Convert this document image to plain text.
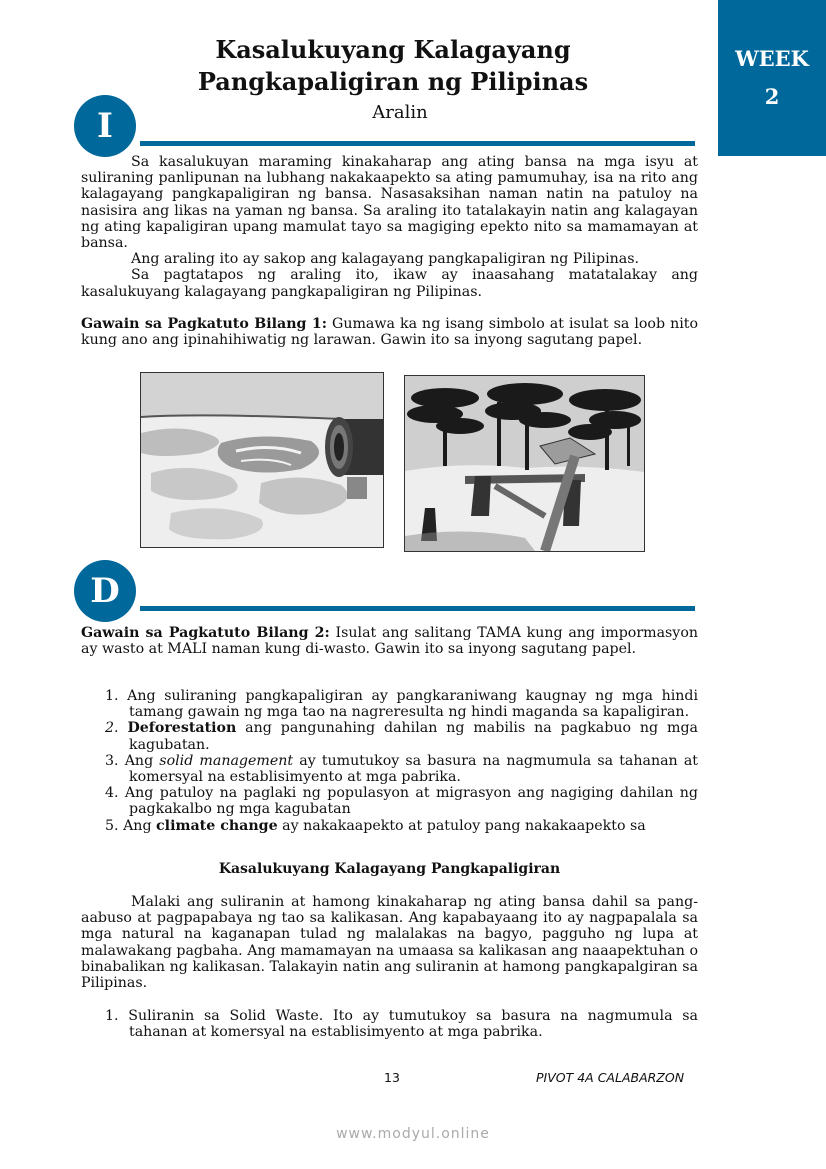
WEEK
2
Kasalukuyang Kalagayang
Pangkapaligiran ng Pilipinas
Aralin
I

Sa kasalukuyan maraming kinakaharap ang ating bansa na mga isyu at suliraning panlipunan na lubhang nakakaapekto sa ating pamumuhay, isa na rito ang kalagayang pangkapaligiran ng bansa. Nasasaksihan naman natin na patuloy na nasisira ang likas na yaman ng bansa. Sa araling ito tatalakayin natin ang kalagayan ng ating kapaligiran upang mamulat tayo sa magiging epekto nito sa mamamayan at bansa.

Ang araling ito ay sakop ang kalagayang pangkapaligiran ng Pilipinas.

Sa pagtatapos ng araling ito, ikaw ay inaasahang matatalakay ang kasalukuyang kalagayang pangkapaligiran ng Pilipinas.

Gawain sa Pagkatuto Bilang 1: Gumawa ka ng isang simbolo at isulat sa loob nito kung ano ang ipinahihiwatig ng larawan. Gawin ito sa inyong sagutang papel.

D

Gawain sa Pagkatuto Bilang 2: Isulat ang salitang TAMA kung ang impormasyon ay wasto at MALI naman kung di-wasto. Gawin ito sa inyong sagutang papel.

1. Ang suliraning pangkapaligiran ay pangkaraniwang kaugnay ng mga hindi tamang gawain ng mga tao na nagreresulta ng hindi maganda sa kapaligiran.
2. Deforestation ang pangunahing dahilan ng mabilis na pagkabuo ng mga kagubatan.
3. Ang solid management ay tumutukoy sa basura na nagmumula sa tahanan at komersyal na establisimyento at mga pabrika.
4. Ang patuloy na paglaki ng populasyon at migrasyon ang nagiging dahilan ng pagkakalbo ng mga kagubatan
5. Ang climate change ay nakakaapekto at patuloy pang nakakaapekto sa
Kasalukuyang Kalagayang Pangkapaligiran

Malaki ang suliranin at hamong kinakaharap ng ating bansa dahil sa pang-aabuso at pagpapabaya ng tao sa kalikasan. Ang kapabayaang ito ay nagpapalala sa mga natural na kaganapan tulad ng malalakas na bagyo, pagguho ng lupa at malawakang pagbaha. Ang mamamayan na umaasa sa kalikasan ang naaapektuhan o binabalikan ng kalikasan. Talakayin natin ang suliranin at hamong pangkapalgiran sa Pilipinas.

1. Suliranin sa Solid Waste. Ito ay tumutukoy sa basura na nagmumula sa tahanan at komersyal na establisimyento at mga pabrika.
13	PIVOT 4A CALABARZON
www.modyul.online
